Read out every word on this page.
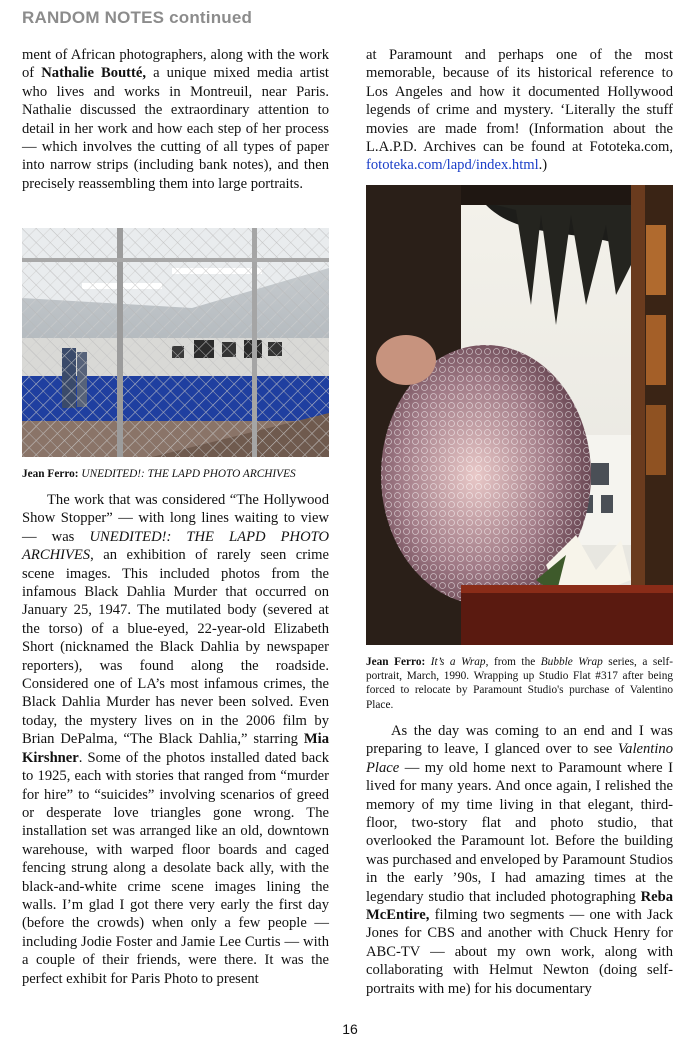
RANDOM NOTES continued

ment of African photographers, along with the work of Nathalie Boutté, a unique mixed media artist who lives and works in Montreuil, near Paris. Nathalie discussed the extraordinary attention to detail in her work and how each step of her process — which involves the cutting of all types of paper into narrow strips (including bank notes), and then precisely reassembling them into large portraits.

Jean Ferro: UNEDITED!: THE LAPD PHOTO ARCHIVES

The work that was considered “The Hollywood Show Stopper” — with long lines waiting to view — was UNEDITED!: THE LAPD PHOTO ARCHIVES, an exhibition of rarely seen crime scene images. This included photos from the infamous Black Dahlia Murder that occurred on January 25, 1947. The mutilated body (severed at the torso) of a blue-eyed, 22-year-old Elizabeth Short (nicknamed the Black Dahlia by newspaper reporters), was found along the roadside. Considered one of LA’s most infamous crimes, the Black Dahlia Murder has never been solved. Even today, the mystery lives on in the 2006 film by Brian DePalma, “The Black Dahlia,” starring Mia Kirshner. Some of the photos installed dated back to 1925, each with stories that ranged from “murder for hire” to “suicides” involving scenarios of greed or desperate love triangles gone wrong. The installation set was arranged like an old, downtown warehouse, with warped floor boards and caged fencing strung along a desolate back ally, with the black-and-white crime scene images lining the walls. I’m glad I got there very early the first day (before the crowds) when only a few people — including Jodie Foster and Jamie Lee Curtis — with a couple of their friends, were there. It was the perfect exhibit for Paris Photo to present

at Paramount and perhaps one of the most memorable, because of its historical reference to Los Angeles and how it documented Hollywood legends of crime and mystery. ‘Literally the stuff movies are made from! (Information about the L.A.P.D. Archives can be found at Fototeka.com, fototeka.com/lapd/index.html.)

Jean Ferro: It’s a Wrap, from the Bubble Wrap series, a self-portrait, March, 1990. Wrapping up Studio Flat #317 after being forced to relocate by Paramount Studio's purchase of Valentino Place.

As the day was coming to an end and I was preparing to leave, I glanced over to see Valentino Place — my old home next to Paramount where I lived for many years. And once again, I relished the memory of my time living in that elegant, third-floor, two-story flat and photo studio, that overlooked the Paramount lot. Before the building was purchased and enveloped by Paramount Studios in the early ’90s, I had amazing times at the legendary studio that included photographing Reba McEntire, filming two segments — one with Jack Jones for CBS and another with Chuck Henry for ABC-TV — about my own work, along with collaborating with Helmut Newton (doing self-portraits with me) for his documentary

16
